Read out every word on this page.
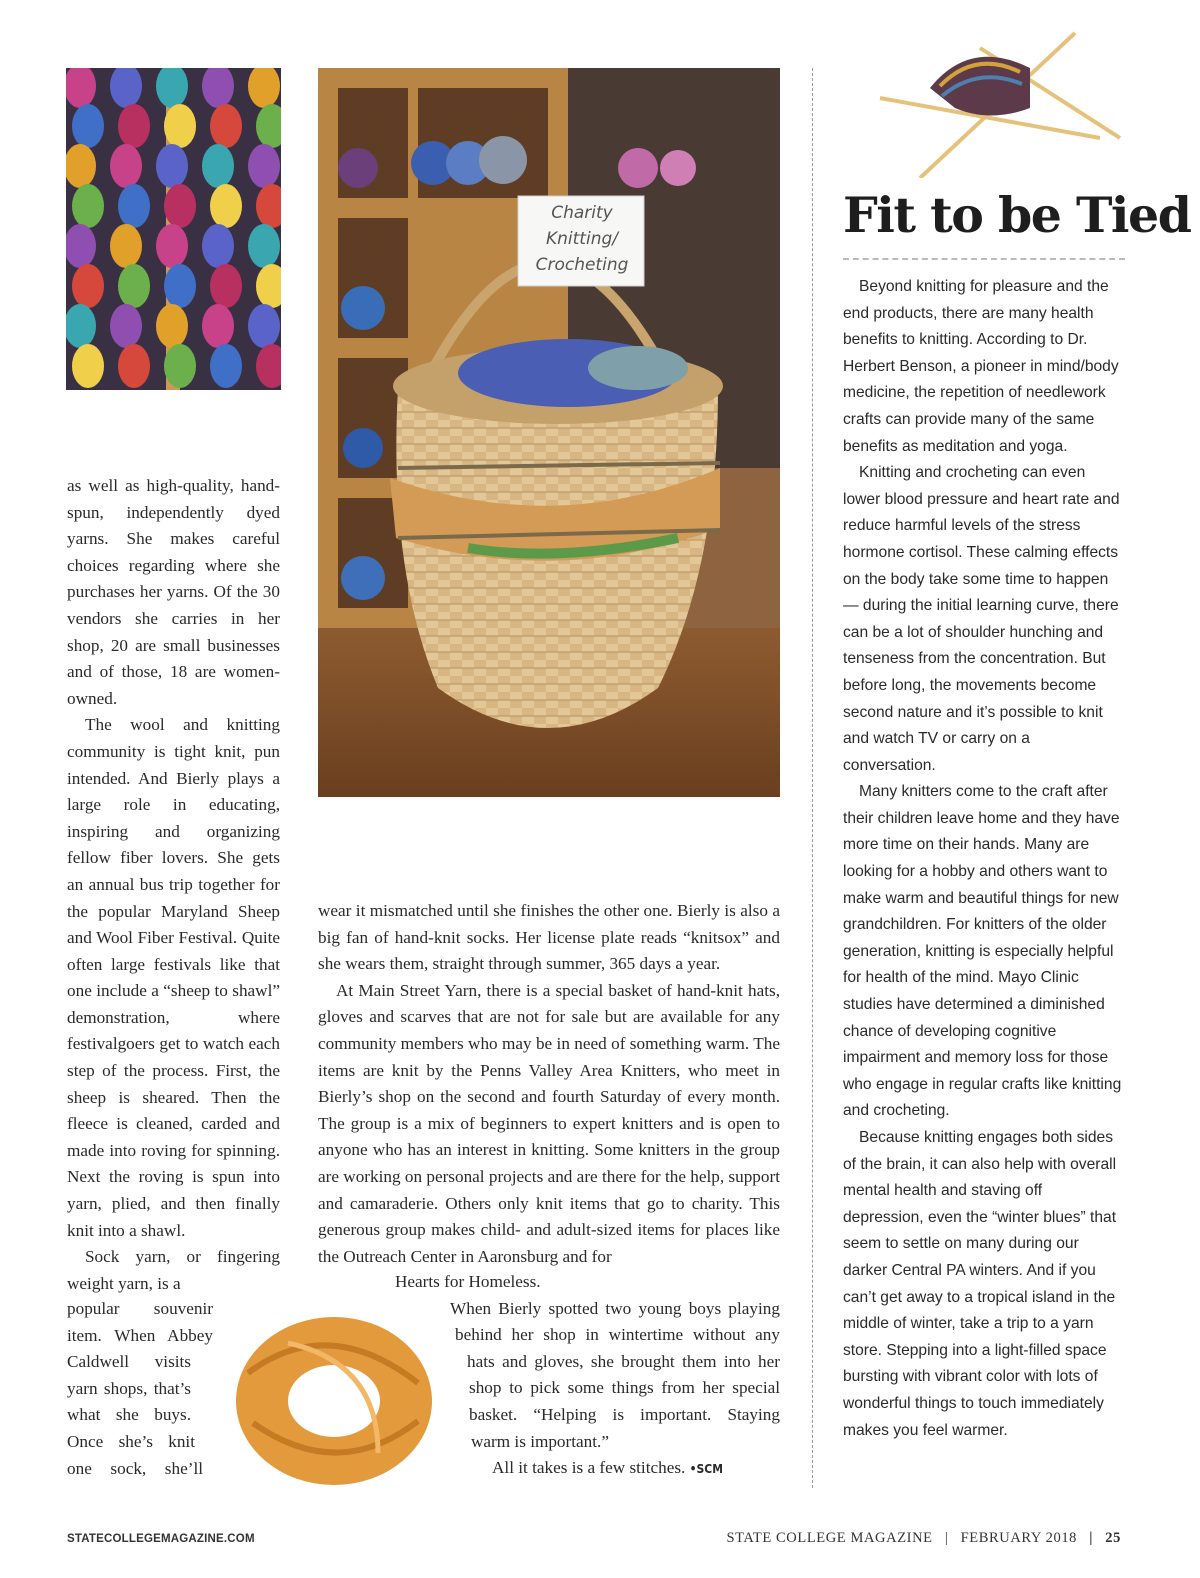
Charity
Knitting/
Crocheting

as well as high-quality, hand-spun, independently dyed yarns. She makes careful choices regarding where she purchases her yarns. Of the 30 vendors she carries in her shop, 20 are small businesses and of those, 18 are women-owned.

The wool and knitting community is tight knit, pun intended. And Bierly plays a large role in educating, inspiring and organizing fellow fiber lovers. She gets an annual bus trip together for the popular Maryland Sheep and Wool Fiber Festival. Quite often large festivals like that one include a “sheep to shawl” demonstration, where festivalgoers get to watch each step of the process. First, the sheep is sheared. Then the fleece is cleaned, carded and made into roving for spinning. Next the roving is spun into yarn, plied, and then finally knit into a shawl.

Sock yarn, or fingering weight yarn, is a

popular souvenir
item. When Abbey
Caldwell visits
yarn shops, that’s
what she buys.
Once she’s knit
one sock, she’ll

wear it mismatched until she finishes the other one. Bierly is also a big fan of hand-knit socks. Her license plate reads “knitsox” and she wears them, straight through summer, 365 days a year.

At Main Street Yarn, there is a special basket of hand-knit hats, gloves and scarves that are not for sale but are available for any community members who may be in need of something warm. The items are knit by the Penns Valley Area Knitters, who meet in Bierly’s shop on the second and fourth Saturday of every month. The group is a mix of beginners to expert knitters and is open to anyone who has an interest in knitting. Some knitters in the group are working on personal projects and are there for the help, support and camaraderie. Others only knit items that go to charity. This generous group makes child- and adult-sized items for places like the Outreach Center in Aaronsburg and for

Hearts for Homeless.
When Bierly spotted two young boys playing
behind her shop in wintertime without any
hats and gloves, she brought them into her
shop to pick some things from her special
basket. “Helping is important. Staying
warm is important.”
All it takes is a few stitches. •SCM
Fit to be Tied

Beyond knitting for pleasure and the end products, there are many health benefits to knitting. According to Dr. Herbert Benson, a pioneer in mind/body medicine, the repetition of needlework crafts can provide many of the same benefits as meditation and yoga.

Knitting and crocheting can even lower blood pressure and heart rate and reduce harmful levels of the stress hormone cortisol. These calming effects on the body take some time to happen — during the initial learning curve, there can be a lot of shoulder hunching and tenseness from the concentration. But before long, the movements become second nature and it’s possible to knit and watch TV or carry on a conversation.

Many knitters come to the craft after their children leave home and they have more time on their hands. Many are looking for a hobby and others want to make warm and beautiful things for new grandchildren. For knitters of the older generation, knitting is especially helpful for health of the mind. Mayo Clinic studies have determined a diminished chance of developing cognitive impairment and memory loss for those who engage in regular crafts like knitting and crocheting.

Because knitting engages both sides of the brain, it can also help with overall mental health and staving off depression, even the “winter blues” that seem to settle on many during our darker Central PA winters. And if you can’t get away to a tropical island in the middle of winter, take a trip to a yarn store. Stepping into a light-filled space bursting with vibrant color with lots of wonderful things to touch immediately makes you feel warmer.

STATECOLLEGEMAGAZINE.COM	STATE COLLEGE MAGAZINE | FEBRUARY 2018 | 25
